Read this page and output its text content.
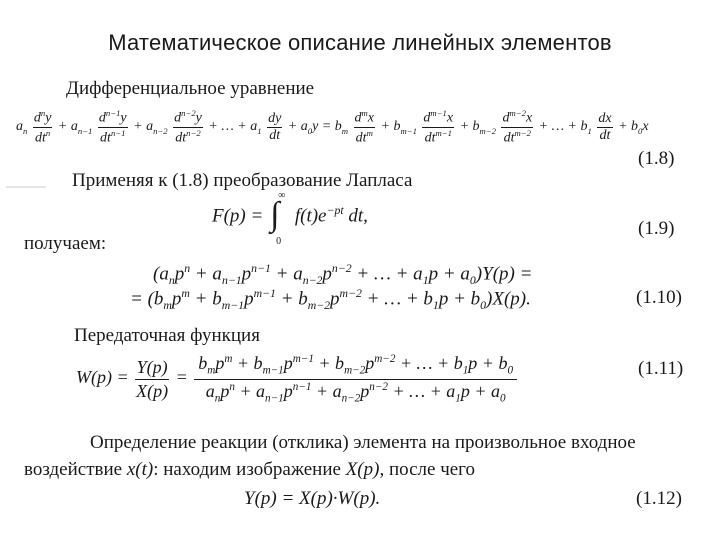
Математическое описание линейных элементов
Дифференциальное уравнение
$a_n \frac{d^ny}{dt^n} + a_{n-1} \frac{d^{n-1}y}{dt^{n-1}} + a_{n-2} \frac{d^{n-2}y}{dt^{n-2}}$ + … + $a_1 \frac{dy}{dt} + a_0y = b_m \frac{d^mx}{dt^m} + b_{m-1} \frac{d^{m-1}x}{dt^{m-1}} + b_{m-2} \frac{d^{m-2}x}{dt^{m-2}}$ + … + $b_1 \frac{dx}{dt} + b_0x$
(1.8)
Применяя к (1.8) преобразование Лапласа
F(p) =
∞
∫
0
$f(t)e^{-pt}$ dt,
(1.9)
получаем:
($a_np^n + a_{n-1}p^{n-1} + a_{n-2}p^{n-2}$ + … + $a_1p + a_0)Y(p)$ =
= ($b_mp^m + b_{m-1}p^{m-1} + b_{m-2}p^{m-2}$ + … + $b_1p + b_0)X(p)$.	(1.10)
Передаточная функция
$W(p) = \frac{Y(p)}{X(p)} = \frac{b_mp^m + b_{m-1}p^{m-1} + b_{m-2}p^{m-2} + \dots + b_1p + b_0}{a_np^n + a_{n-1}p^{n-1} + a_{n-2}p^{n-2} + \dots + a_1p + a_0}$	(1.11)
Определение реакции (отклика) элемента на произвольное входное
воздействие x(t): находим изображение X(p), после чего
Y(p) = X(p)·W(p).	(1.12)
